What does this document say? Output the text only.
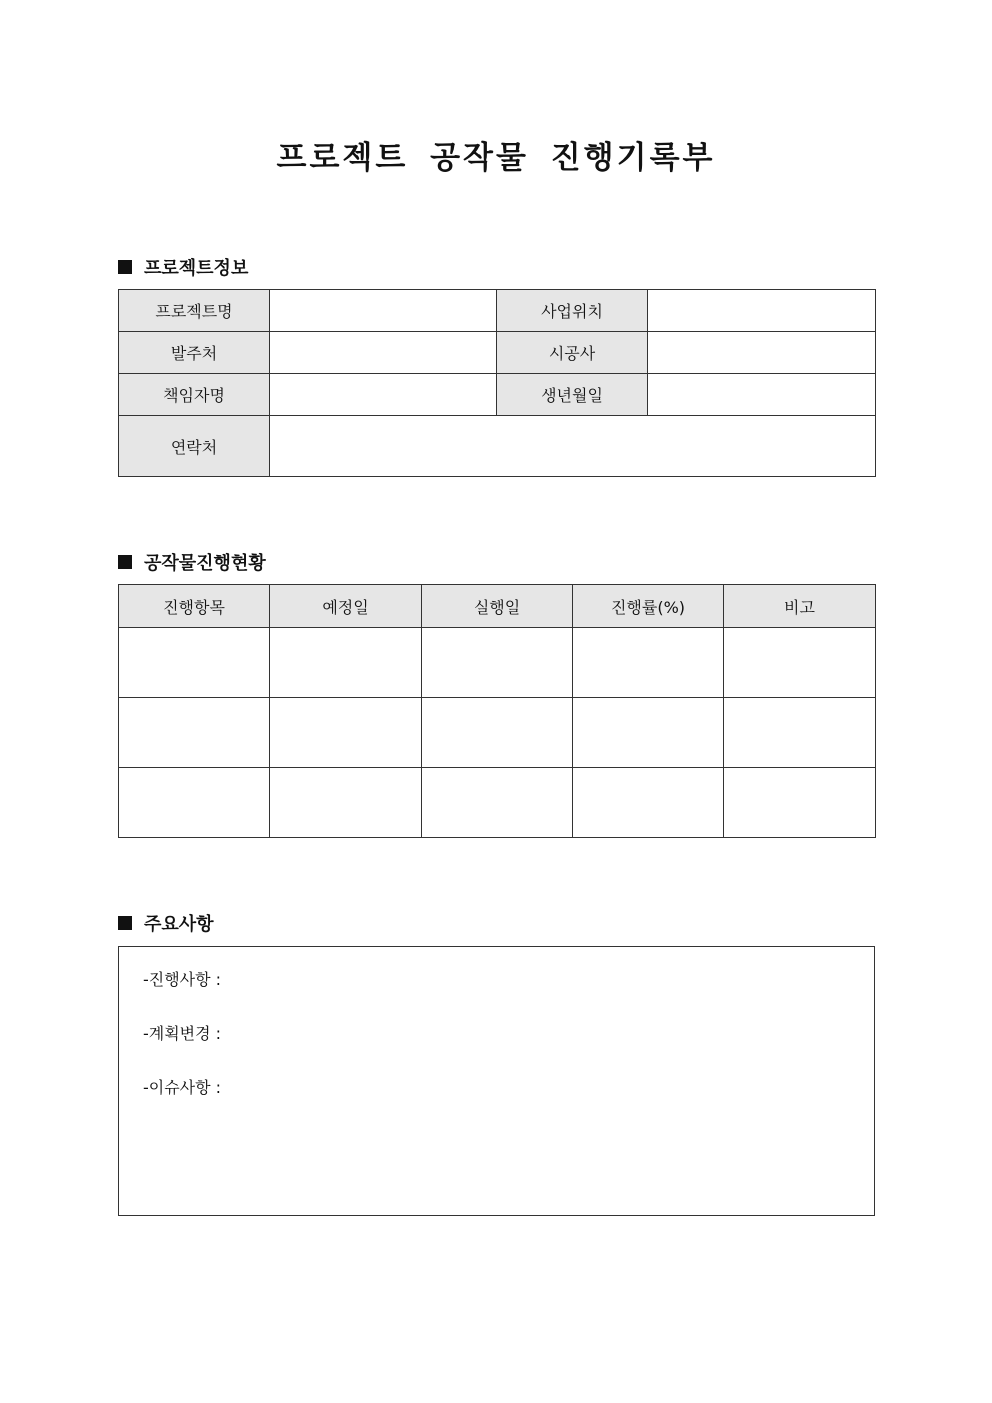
프로젝트 공작물 진행기록부
프로젝트정보
프로젝트명		사업위치	
발주처		시공사	
책임자명		생년월일	
연락처			
공작물진행현황
진행항목	예정일	실행일	진행률(%)	비고

주요사항
-진행사항 :
-계획변경 :
-이슈사항 :
